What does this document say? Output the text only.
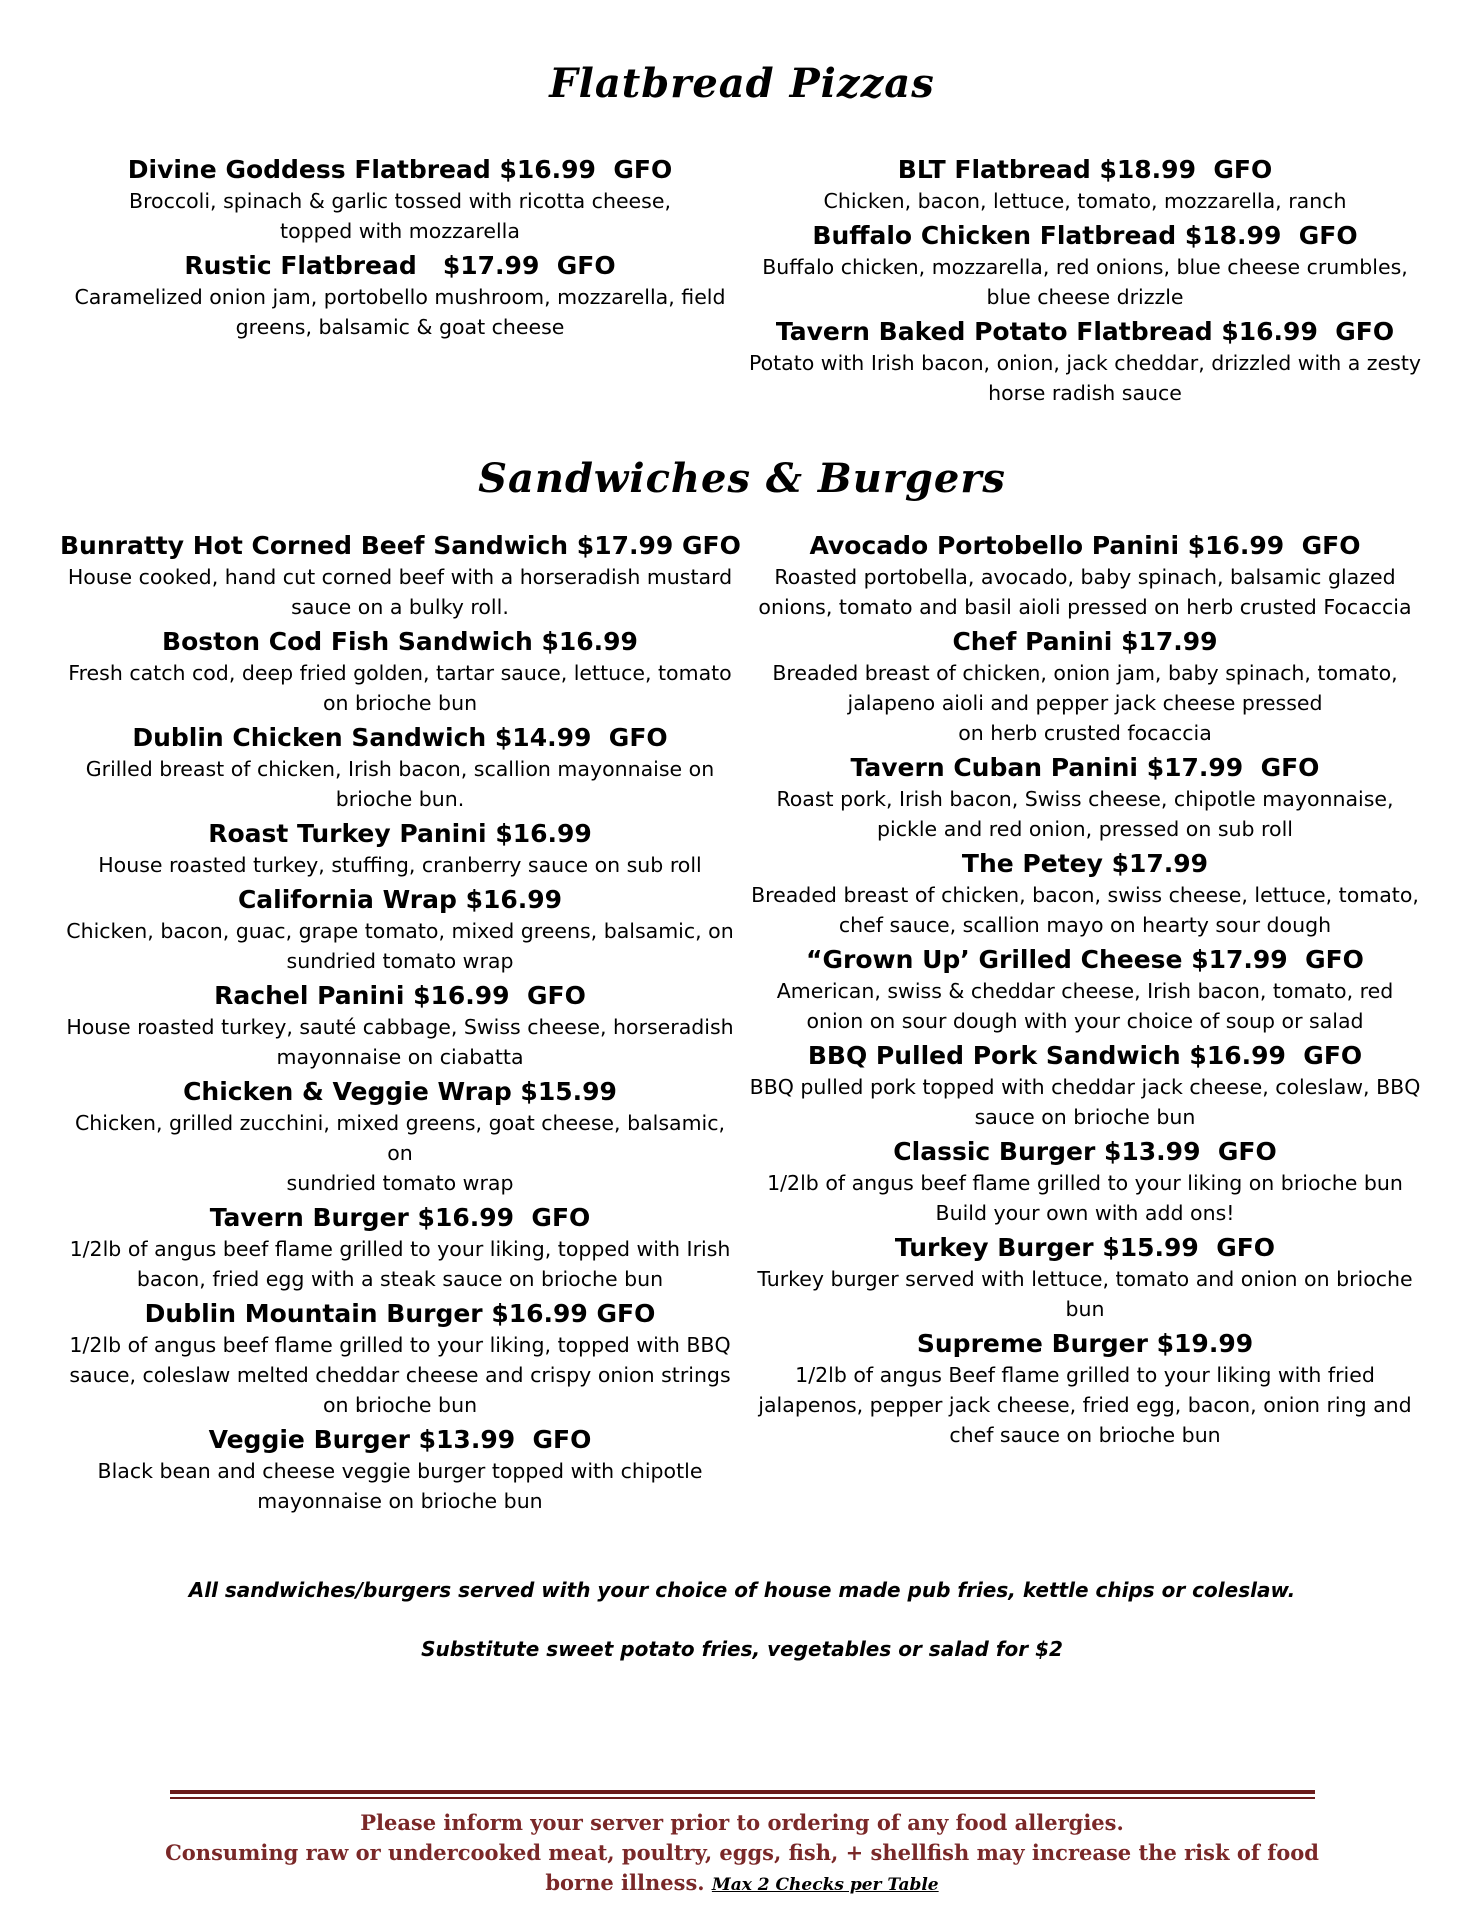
Flatbread Pizzas
Divine Goddess Flatbread $16.99  GFO
Broccoli, spinach & garlic tossed with ricotta cheese,
topped with mozzarella
Rustic Flatbread   $17.99  GFO
Caramelized onion jam, portobello mushroom, mozzarella, field
greens, balsamic & goat cheese
BLT Flatbread $18.99  GFO
Chicken, bacon, lettuce, tomato, mozzarella, ranch
Buffalo Chicken Flatbread $18.99  GFO
Buffalo chicken, mozzarella, red onions, blue cheese crumbles,
blue cheese drizzle
Tavern Baked Potato Flatbread $16.99  GFO
Potato with Irish bacon, onion, jack cheddar, drizzled with a zesty
horse radish sauce
Sandwiches & Burgers
Bunratty Hot Corned Beef Sandwich $17.99 GFO
House cooked, hand cut corned beef with a horseradish mustard
sauce on a bulky roll.
Boston Cod Fish Sandwich $16.99
Fresh catch cod, deep fried golden, tartar sauce, lettuce, tomato
on brioche bun
Dublin Chicken Sandwich $14.99  GFO
Grilled breast of chicken, Irish bacon, scallion mayonnaise on
brioche bun.
Roast Turkey Panini $16.99
House roasted turkey, stuffing, cranberry sauce on sub roll
California Wrap $16.99
Chicken, bacon, guac, grape tomato, mixed greens, balsamic, on
sundried tomato wrap
Rachel Panini $16.99  GFO
House roasted turkey, sauté cabbage, Swiss cheese, horseradish
mayonnaise on ciabatta
Chicken & Veggie Wrap $15.99
Chicken, grilled zucchini, mixed greens, goat cheese, balsamic, on
sundried tomato wrap
Tavern Burger $16.99  GFO
1/2lb of angus beef flame grilled to your liking, topped with Irish
bacon, fried egg with a steak sauce on brioche bun
Dublin Mountain Burger $16.99 GFO
1/2lb of angus beef flame grilled to your liking, topped with BBQ
sauce, coleslaw melted cheddar cheese and crispy onion strings
on brioche bun
Veggie Burger $13.99  GFO
Black bean and cheese veggie burger topped with chipotle
mayonnaise on brioche bun
Avocado Portobello Panini $16.99  GFO
Roasted portobella, avocado, baby spinach, balsamic glazed
onions, tomato and basil aioli pressed on herb crusted Focaccia
Chef Panini $17.99
Breaded breast of chicken, onion jam, baby spinach, tomato,
jalapeno aioli and pepper jack cheese pressed
on herb crusted focaccia
Tavern Cuban Panini $17.99  GFO
Roast pork, Irish bacon, Swiss cheese, chipotle mayonnaise,
pickle and red onion, pressed on sub roll
The Petey $17.99
Breaded breast of chicken, bacon, swiss cheese, lettuce, tomato,
chef sauce, scallion mayo on hearty sour dough
“Grown Up’ Grilled Cheese $17.99  GFO
American, swiss & cheddar cheese, Irish bacon, tomato, red
onion on sour dough with your choice of soup or salad
BBQ Pulled Pork Sandwich $16.99  GFO
BBQ pulled pork topped with cheddar jack cheese, coleslaw, BBQ
sauce on brioche bun
Classic Burger $13.99  GFO
1/2lb of angus beef flame grilled to your liking on brioche bun
Build your own with add ons!
Turkey Burger $15.99  GFO
Turkey burger served with lettuce, tomato and onion on brioche
bun
Supreme Burger $19.99
1/2lb of angus Beef flame grilled to your liking with fried
jalapenos, pepper jack cheese, fried egg, bacon, onion ring and
chef sauce on brioche bun
All sandwiches/burgers served with your choice of house made pub fries, kettle chips or coleslaw.
Substitute sweet potato fries, vegetables or salad for $2
Please inform your server prior to ordering of any food allergies.
Consuming raw or undercooked meat, poultry, eggs, fish, + shellfish may increase the risk of food
borne illness. Max 2 Checks per Table
